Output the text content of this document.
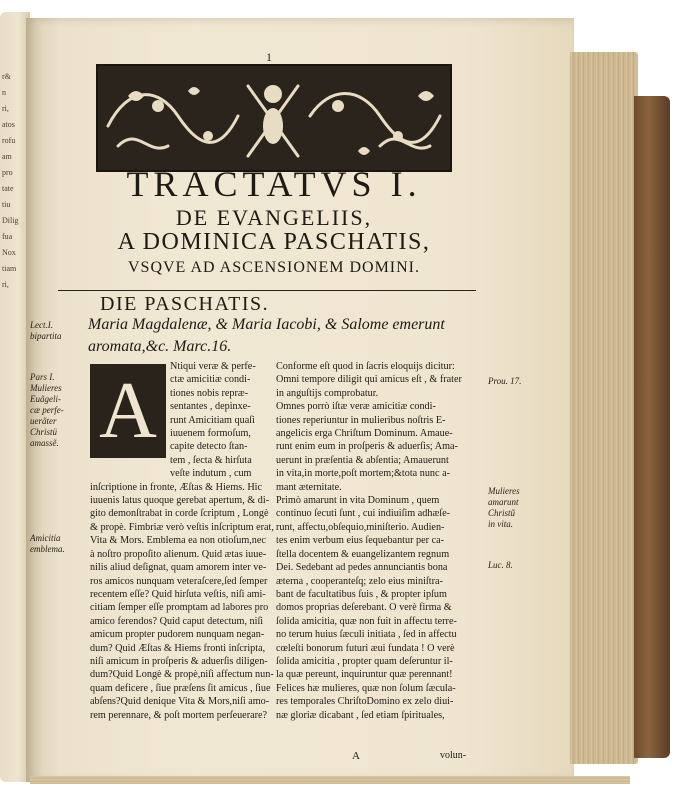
r&
n
ri,
atos
rofu
am
pro
tate
tiu
Dilig
fua
Nox
tiam
ri,
1
TRACTATVS I.
DE EVANGELIIS,
A DOMINICA PASCHATIS,
VSQVE AD ASCENSIONEM DOMINI.
DIE PASCHATIS.
Maria Magdalenæ, & Maria Iacobi, & Salome emerunt
aromata,&c. Marc.16.
Lect.I.
bipartita
Pars I.
Mulieres
Euãgeli-
cæ perfe-
uerãter
Christü
amassẽ.
Amicitia
emblema.
Prou. 17.
Mulieres
amarunt
Christũ
in vita.
Luc. 8.
A
Ntiqui veræ & perfe-
ctæ amicitiæ condi-
tiones nobis repræ-
sentantes , depinxe-
runt Amicitiam quaſi
iuuenem formoſum,
capite detecto ſtan-
tem , ſecta & hirſuta
veſte indutum , cum
inſcriptione in fronte, Æſtas & Hiems. Hic
iuuenis latus quoque gerebat apertum, & di-
gito demonſtrabat in corde ſcriptum , Longè
& propè. Fimbriæ verò veſtis inſcriptum erat,
Vita & Mors. Emblema ea non otioſum,nec
à noſtro propoſito alienum. Quid ætas iuue-
nilis aliud deſignat, quam amorem inter ve-
ros amicos nunquam veteraſcere,ſed ſemper
recentem eſſe? Quid hirſuta veſtis, niſi ami-
citiam ſemper eſſe promptam ad labores pro
amico ferendos? Quid caput detectum, niſi
amicum propter pudorem nunquam negan-
dum? Quid Æſtas & Hiems fronti inſcripta,
niſi amicum in proſperis & aduerſis diligen-
dum?Quid Longè & propè,niſi affectum nun-
quam deficere , ſiue præſens ſit amicus , ſiue
abſens?Quid denique Vita & Mors,niſi amo-
rem perennare, & poſt mortem perſeuerare?
Conforme eſt quod in ſacris eloquijs dicitur:
Omni tempore diligit qui amicus eſt , & frater
in anguſtijs comprobatur.
Omnes porrò iſtæ veræ amicitiæ condi-
tiones reperiuntur in mulieribus noſtris E-
angelicis erga Chriſtum Dominum. Amaue-
runt enim eum in proſperis & aduerſis; Ama-
uerunt in præſentia & abſentia; Amauerunt
in vita,in morte,poſt mortem;&tota nunc a-
mant æternitate.
Primò amarunt in vita Dominum , quem
continuo ſecuti ſunt , cui indiuiſim adhæſe-
runt, affectu,obſequio,miniſterio. Audien-
tes enim verbum eius ſequebantur per ca-
ſtella docentem & euangelizantem regnum
Dei. Sedebant ad pedes annunciantis bona
æterna , cooperanteſq; zelo eius miniſtra-
bant de facultatibus ſuis , & propter ipſum
domos proprias deſerebant. O verè firma &
ſolida amicitia, quæ non fuit in affectu terre-
no terum huius ſæculi initiata , ſed in affectu
cœleſti bonorum futuri æui fundata ! O verè
ſolida amicitia , propter quam deſeruntur il-
la quæ pereunt, inquiruntur quæ perennant!
Felices hæ mulieres, quæ non ſolum ſæcula-
res temporales ChriſtoDomino ex zelo diui-
næ gloriæ dicabant , ſed etiam ſpirituales,
A	volun-
